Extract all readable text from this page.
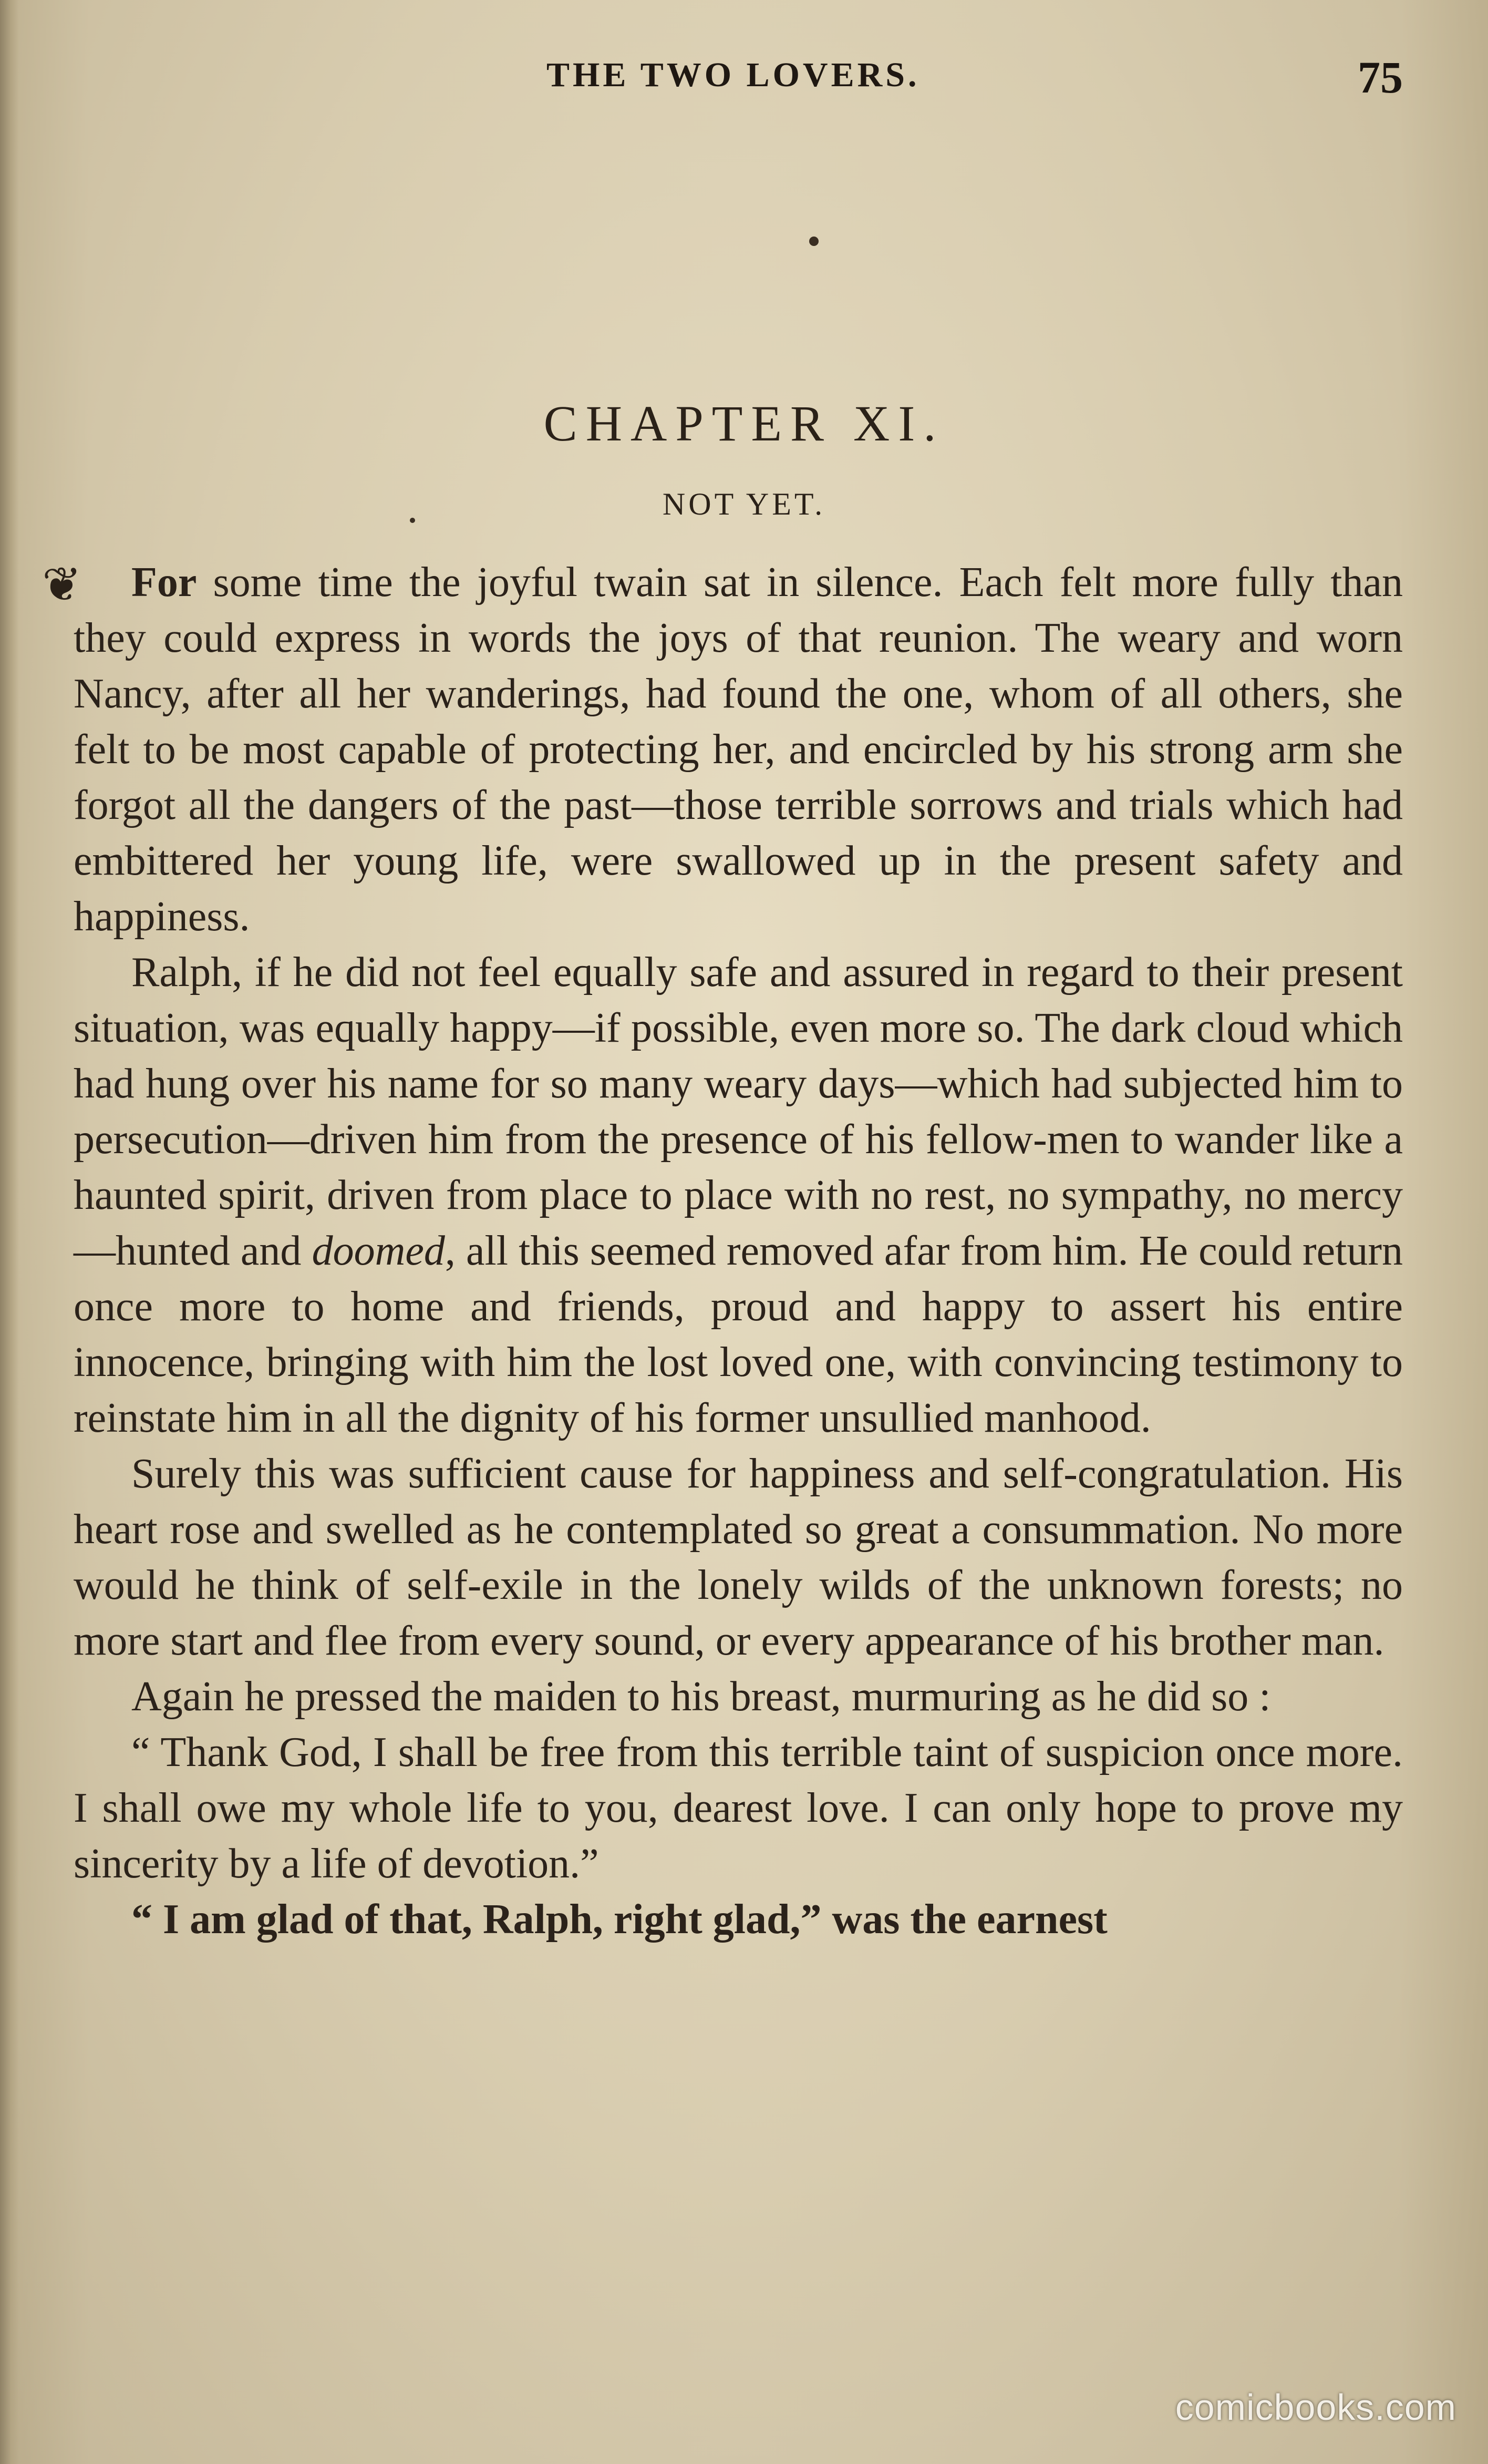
THE TWO LOVERS.	75
CHAPTER XI.
NOT YET.
❦	For some time the joyful twain sat in silence. Each felt more fully than they could express in words the joys of that reunion. The weary and worn Nancy, after all her wanderings, had found the one, whom of all others, she felt to be most capable of protecting her, and encircled by his strong arm she forgot all the dangers of the past—those terrible sorrows and trials which had embittered her young life, were swallowed up in the present safety and happiness.

Ralph, if he did not feel equally safe and assured in regard to their present situation, was equally happy—if possible, even more so. The dark cloud which had hung over his name for so many weary days—which had subjected him to persecution—driven him from the presence of his fellow-men to wander like a haunted spirit, driven from place to place with no rest, no sympathy, no mercy—hunted and doomed, all this seemed removed afar from him. He could return once more to home and friends, proud and happy to assert his entire innocence, bringing with him the lost loved one, with convincing testimony to reinstate him in all the dignity of his former unsullied manhood.

Surely this was sufficient cause for happiness and self-congratulation. His heart rose and swelled as he contemplated so great a consummation. No more would he think of self-exile in the lonely wilds of the unknown forests; no more start and flee from every sound, or every appearance of his brother man.

Again he pressed the maiden to his breast, murmuring as he did so :

“ Thank God, I shall be free from this terrible taint of suspicion once more. I shall owe my whole life to you, dearest love. I can only hope to prove my sincerity by a life of devotion.”

“ I am glad of that, Ralph, right glad,” was the earnest

comicbooks.com
